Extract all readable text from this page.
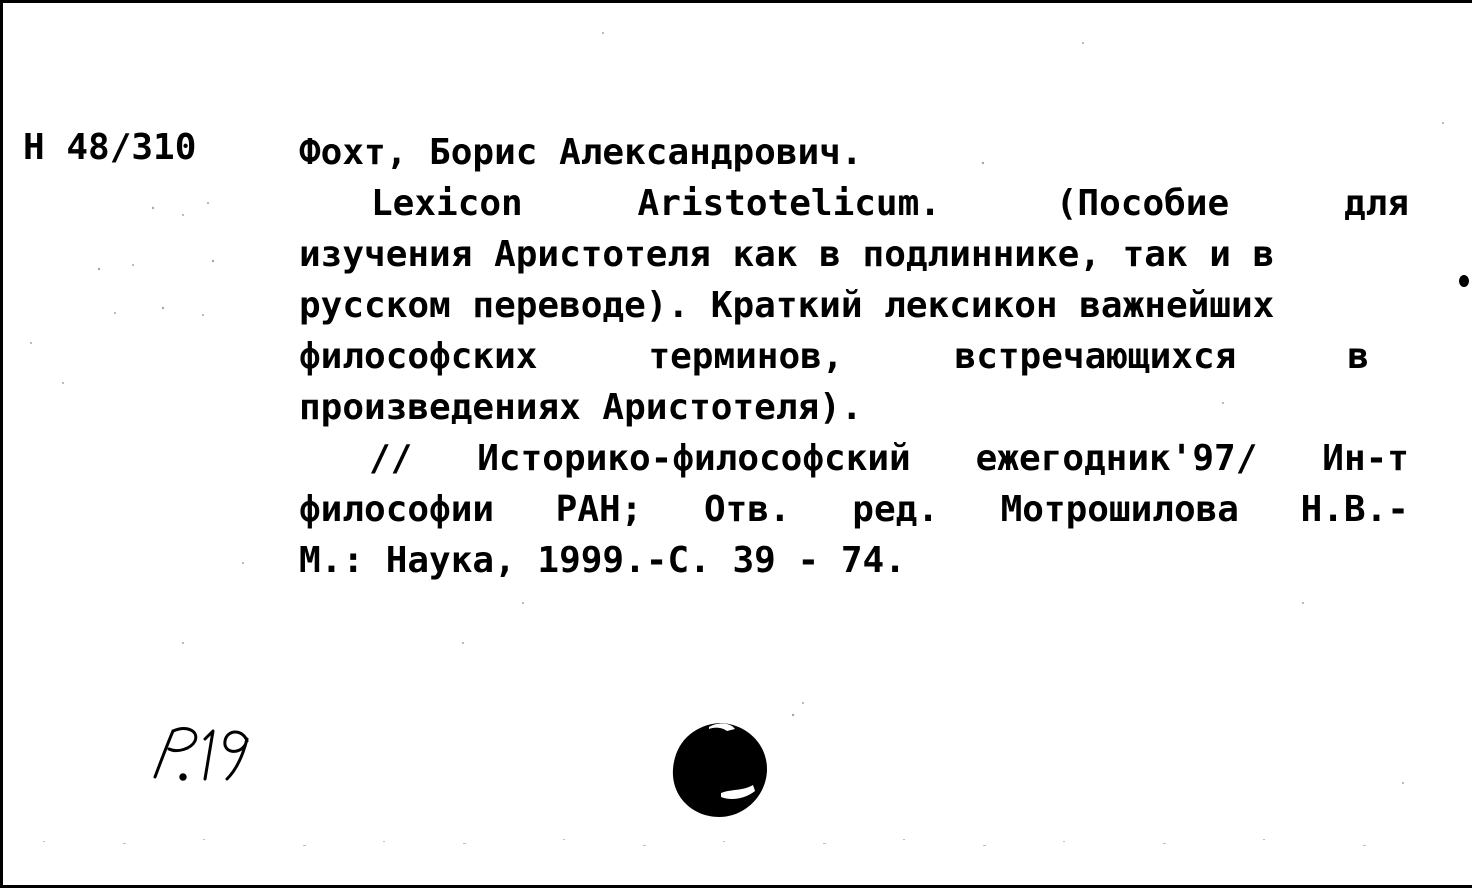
Н 48/310	Фохт, Борис Александрович.
Lexicon	Aristotelicum.	(Пособие	для
изучения Аристотеля как в подлиннике, так и в
русском переводе). Краткий лексикон важнейших
философских	терминов,	встречающихся	в
произведениях Аристотеля).
// Историко-философский ежегодник'97/ Ин-т
философии РАН; Отв. ред. Мотрошилова Н.В.-
М.: Наука, 1999.-С. 39 - 74.
